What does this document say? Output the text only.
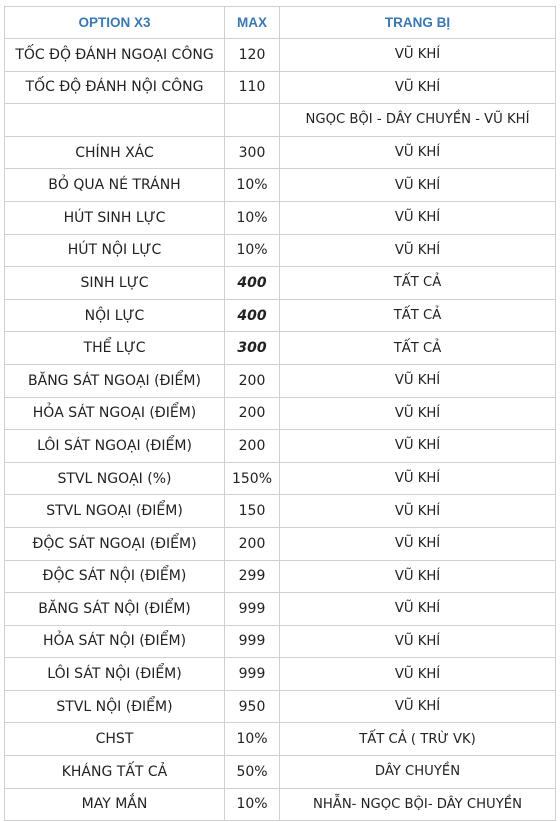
OPTION X3	MAX	TRANG BỊ
TỐC ĐỘ ĐÁNH NGOẠI CÔNG	120	VŨ KHÍ
TỐC ĐỘ ĐÁNH NỘI CÔNG	110	VŨ KHÍ
		NGỌC BỘI - DÂY CHUYỀN - VŨ KHÍ
CHÍNH XÁC	300	VŨ KHÍ
BỎ QUA NÉ TRÁNH	10%	VŨ KHÍ
HÚT SINH LỰC	10%	VŨ KHÍ
HÚT NỘI LỰC	10%	VŨ KHÍ
SINH LỰC	400	TẤT CẢ
NỘI LỰC	400	TẤT CẢ
THỂ LỰC	300	TẤT CẢ
BĂNG SÁT NGOẠI (ĐIỂM)	200	VŨ KHÍ
HỎA SÁT NGOẠI (ĐIỂM)	200	VŨ KHÍ
LÔI SÁT NGOẠI (ĐIỂM)	200	VŨ KHÍ
STVL NGOẠI (%)	150%	VŨ KHÍ
STVL NGOẠI (ĐIỂM)	150	VŨ KHÍ
ĐỘC SÁT NGOẠI (ĐIỂM)	200	VŨ KHÍ
ĐỘC SÁT NỘI (ĐIỂM)	299	VŨ KHÍ
BĂNG SÁT NỘI (ĐIỂM)	999	VŨ KHÍ
HỎA SÁT NỘI (ĐIỂM)	999	VŨ KHÍ
LÔI SÁT NỘI (ĐIỂM)	999	VŨ KHÍ
STVL NỘI (ĐIỂM)	950	VŨ KHÍ
CHST	10%	TẤT CẢ ( TRỪ VK)
KHÁNG TẤT CẢ	50%	DÂY CHUYỀN
MAY MẮN	10%	NHẪN- NGỌC BỘI- DÂY CHUYỀN
